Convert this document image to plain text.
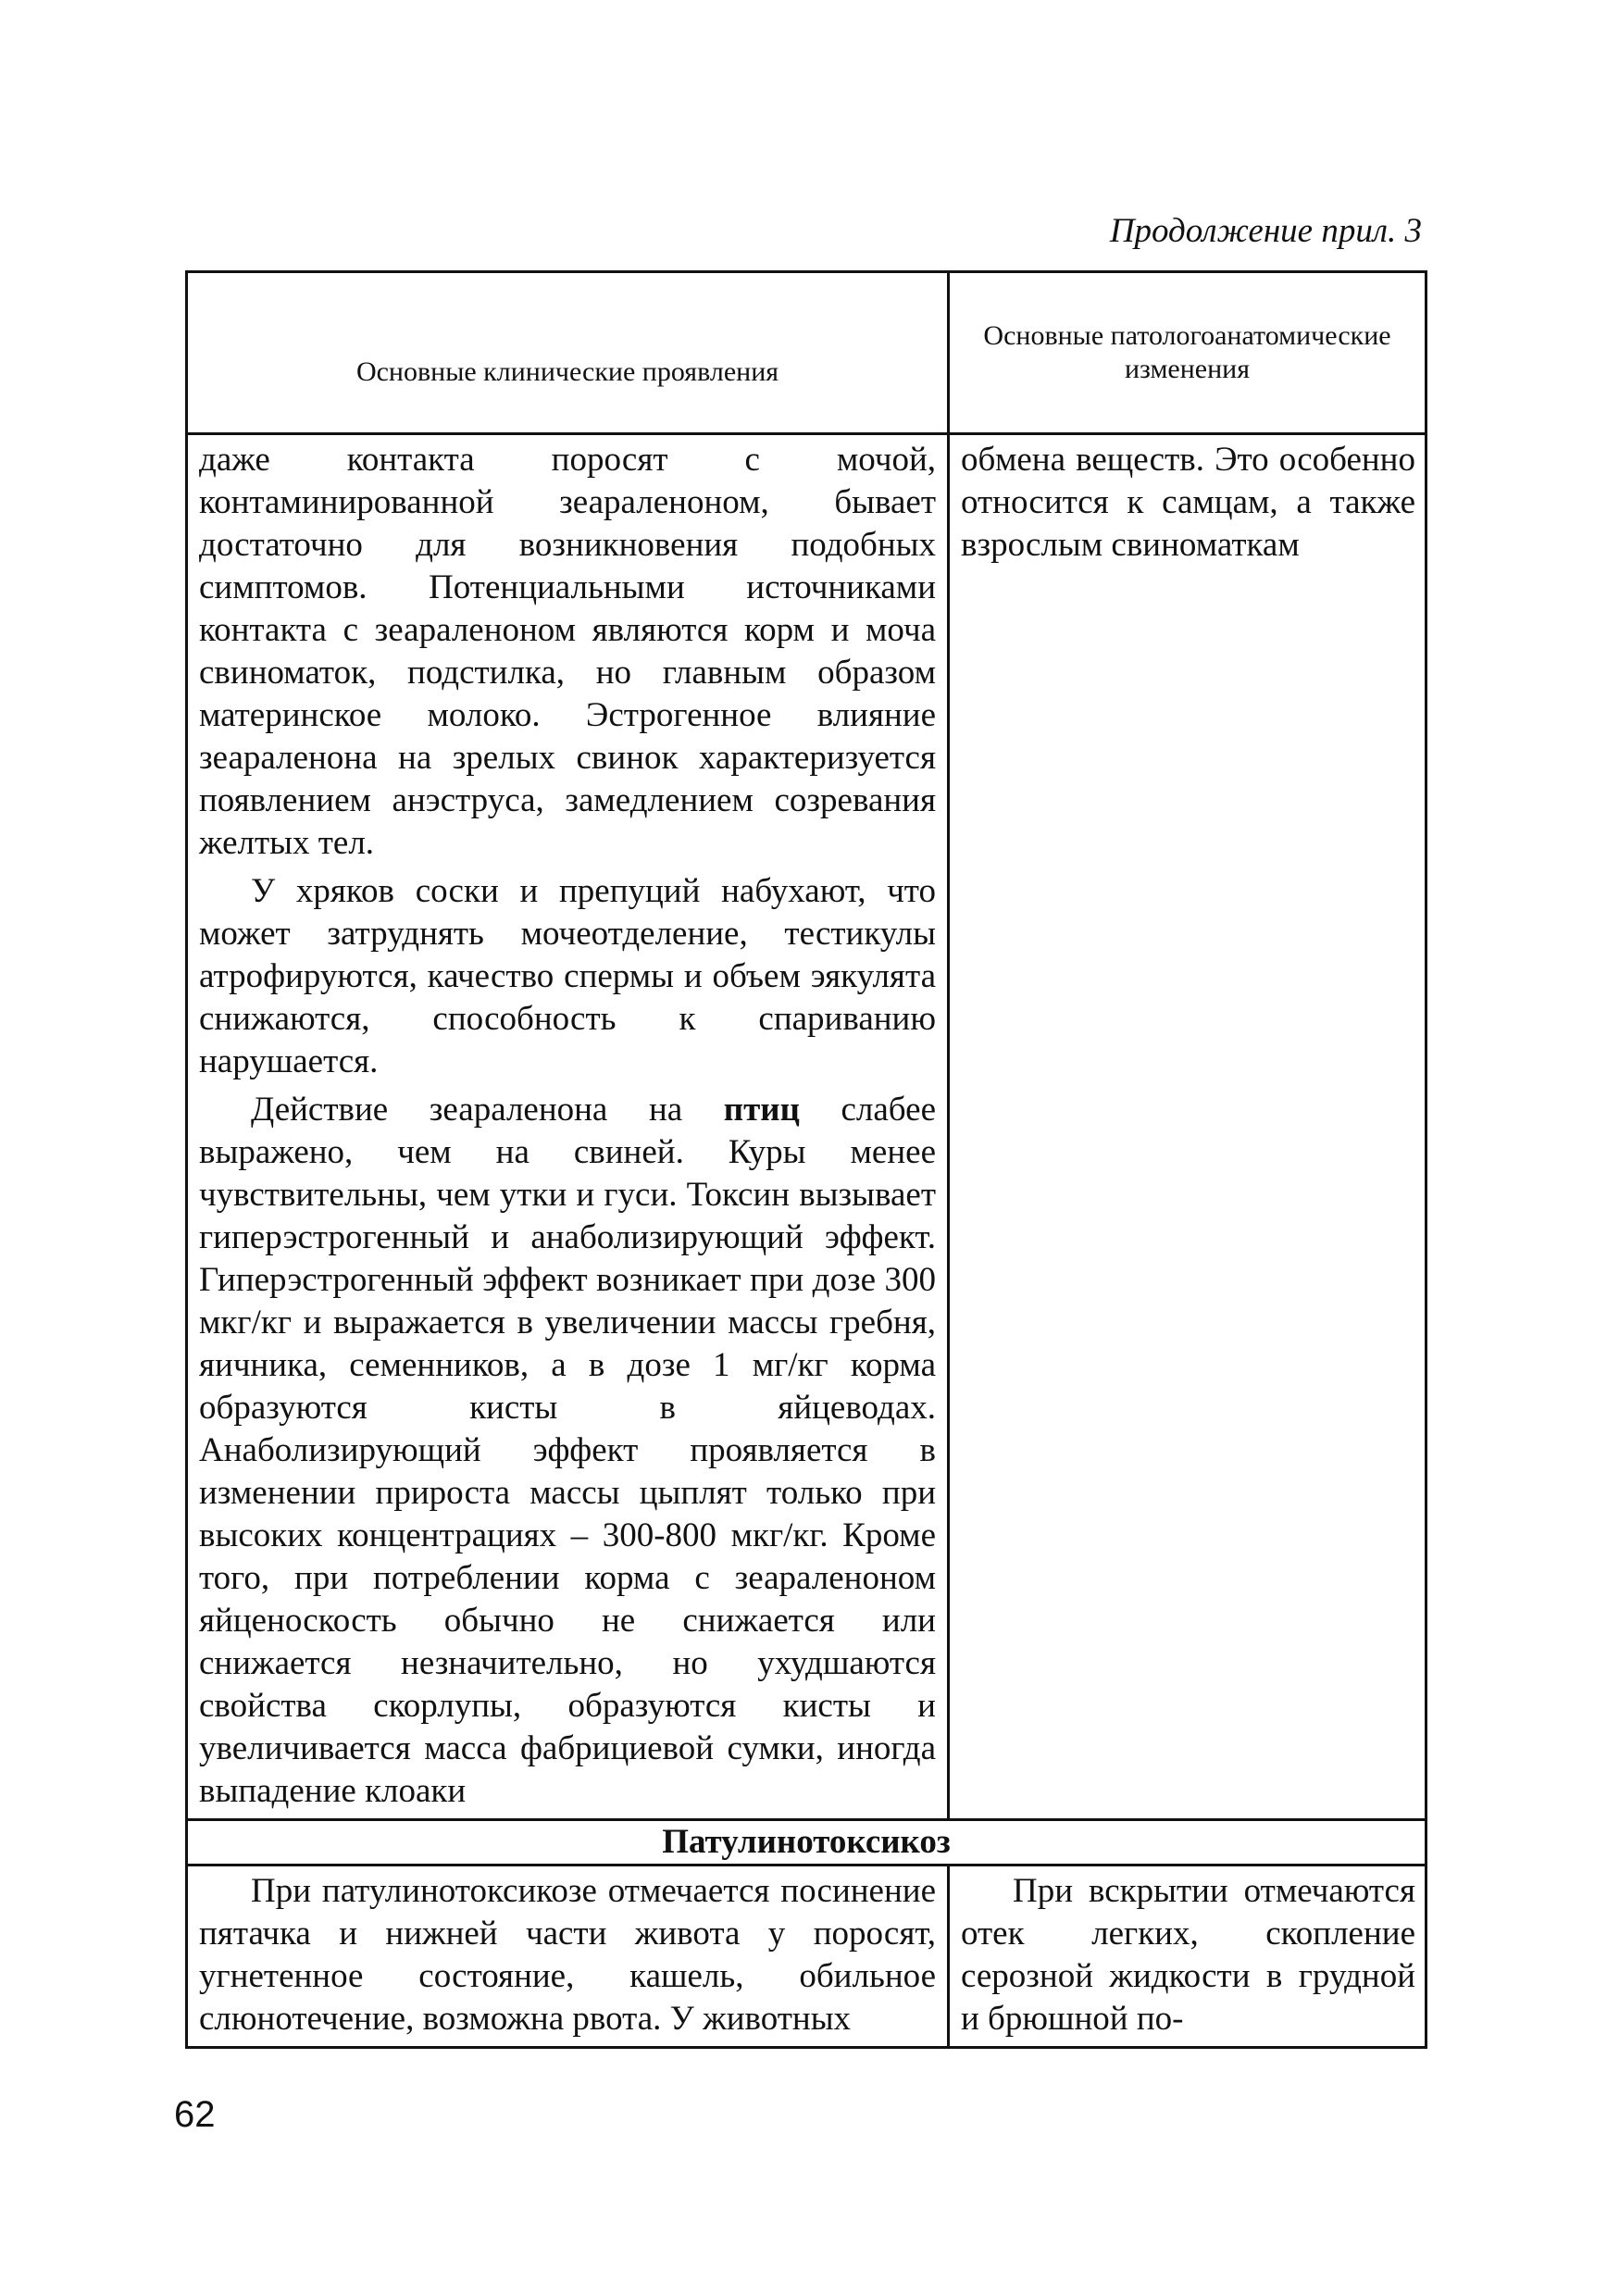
Продолжение прил. 3
Основные клинические проявления	Основные патологоанатомические изменения

даже контакта поросят с мочой, контаминированной зеараленоном, бывает достаточно для возникновения подобных симптомов. Потенциальными источниками контакта с зеараленоном являются корм и моча свиноматок, подстилка, но главным образом материнское молоко. Эстрогенное влияние зеараленона на зрелых свинок характеризуется появлением анэструса, замедлением созревания желтых тел.

У хряков соски и препуций набухают, что может затруднять мочеотделение, тестикулы атрофируются, качество спермы и объем эякулята снижаются, способность к спариванию нарушается.

Действие зеараленона на птиц слабее выражено, чем на свиней. Куры менее чувствительны, чем утки и гуси. Токсин вызывает гиперэстрогенный и анаболизирующий эффект. Гиперэстрогенный эффект возникает при дозе 300 мкг/кг и выражается в увеличении массы гребня, яичника, семенников, а в дозе 1 мг/кг корма образуются кисты в яйцеводах. Анаболизирующий эффект проявляется в изменении прироста массы цыплят только при высоких концентрациях – 300-800 мкг/кг. Кроме того, при потреблении корма с зеараленоном яйценоскость обычно не снижается или снижается незначительно, но ухудшаются свойства скорлупы, образуются кисты и увеличивается масса фабрициевой сумки, иногда выпадение клоаки	обмена веществ. Это особенно относится к самцам, а также взрослым свиноматкам

Патулинотоксикоз	

При патулинотоксикозе отмечается посинение пятачка и нижней части живота у поросят, угнетенное состояние, кашель, обильное слюнотечение, возможна рвота. У животных	При вскрытии отмечаются отек легких, скопление серозной жидкости в грудной и брюшной по-

62
